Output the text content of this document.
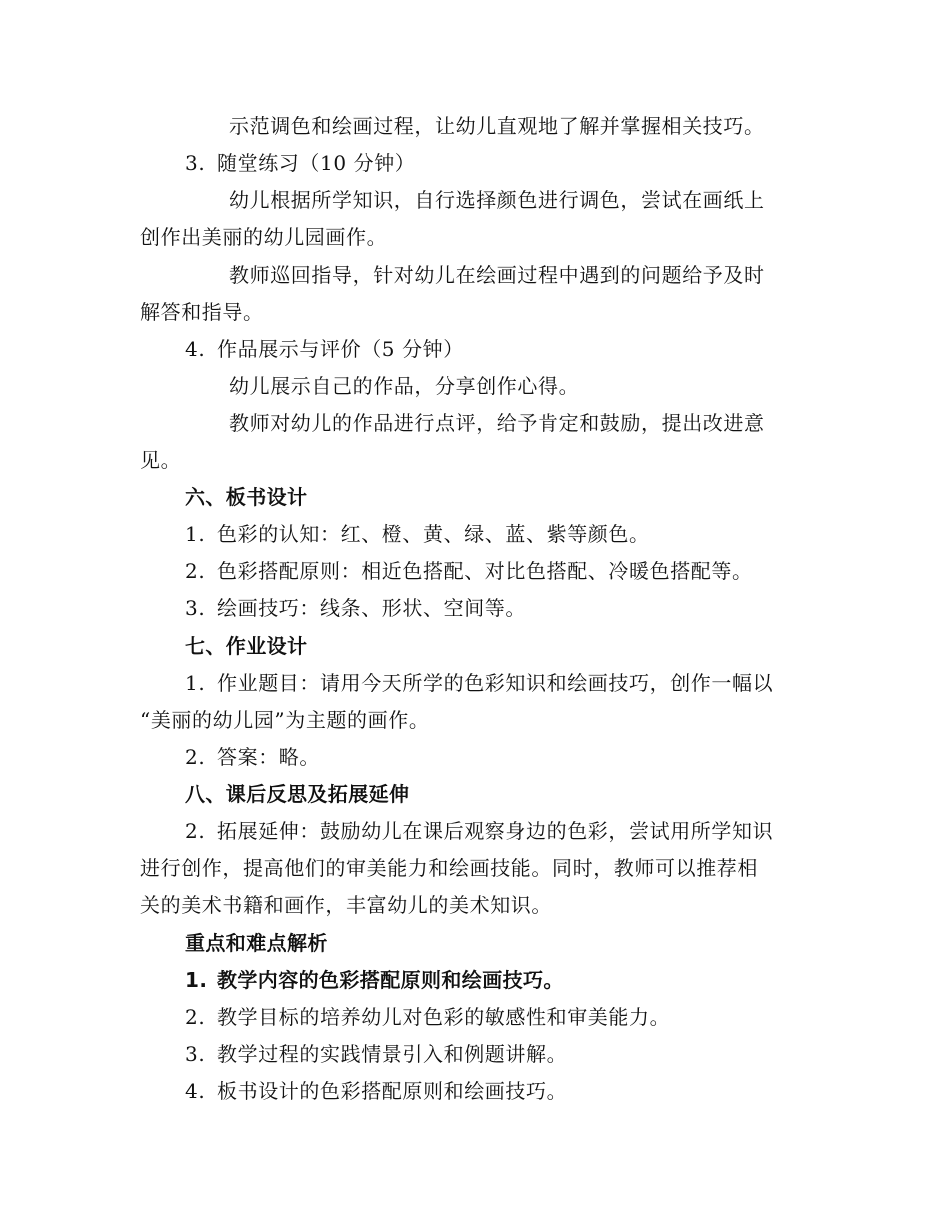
示范调色和绘画过程，让幼儿直观地了解并掌握相关技巧。
3. 随堂练习（10 分钟）
幼儿根据所学知识，自行选择颜色进行调色，尝试在画纸上
创作出美丽的幼儿园画作。
教师巡回指导，针对幼儿在绘画过程中遇到的问题给予及时
解答和指导。
4. 作品展示与评价（5 分钟）
幼儿展示自己的作品，分享创作心得。
教师对幼儿的作品进行点评，给予肯定和鼓励，提出改进意
见。
六、板书设计
1. 色彩的认知：红、橙、黄、绿、蓝、紫等颜色。
2. 色彩搭配原则：相近色搭配、对比色搭配、冷暖色搭配等。
3. 绘画技巧：线条、形状、空间等。
七、作业设计
1. 作业题目：请用今天所学的色彩知识和绘画技巧，创作一幅以
“美丽的幼儿园”为主题的画作。
2. 答案：略。
八、课后反思及拓展延伸
2. 拓展延伸：鼓励幼儿在课后观察身边的色彩，尝试用所学知识
进行创作，提高他们的审美能力和绘画技能。同时，教师可以推荐相
关的美术书籍和画作，丰富幼儿的美术知识。
重点和难点解析
1. 教学内容的色彩搭配原则和绘画技巧。
2. 教学目标的培养幼儿对色彩的敏感性和审美能力。
3. 教学过程的实践情景引入和例题讲解。
4. 板书设计的色彩搭配原则和绘画技巧。
